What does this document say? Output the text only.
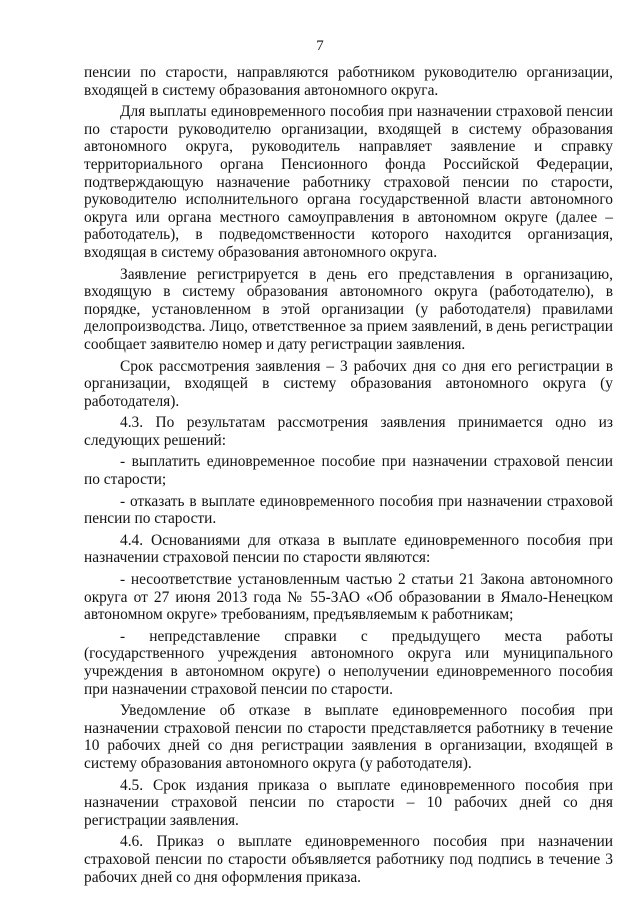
7

пенсии по старости, направляются работником руководителю организации, входящей в систему образования автономного округа.

Для выплаты единовременного пособия при назначении страховой пенсии по старости руководителю организации, входящей в систему образования автономного округа, руководитель направляет заявление и справку территориального органа Пенсионного фонда Российской Федерации, подтверждающую назначение работнику страховой пенсии по старости, руководителю исполнительного органа государственной власти автономного округа или органа местного самоуправления в автономном округе (далее – работодатель), в подведомственности которого находится организация, входящая в систему образования автономного округа.

Заявление регистрируется в день его представления в организацию, входящую в систему образования автономного округа (работодателю), в порядке, установленном в этой организации (у работодателя) правилами делопроизводства. Лицо, ответственное за прием заявлений, в день регистрации сообщает заявителю номер и дату регистрации заявления.

Срок рассмотрения заявления – 3 рабочих дня со дня его регистрации в организации, входящей в систему образования автономного округа (у работодателя).

4.3. По результатам рассмотрения заявления принимается одно из следующих решений:

- выплатить единовременное пособие при назначении страховой пенсии по старости;

- отказать в выплате единовременного пособия при назначении страховой пенсии по старости.

4.4. Основаниями для отказа в выплате единовременного пособия при назначении страховой пенсии по старости являются:

- несоответствие установленным частью 2 статьи 21 Закона автономного округа от 27 июня 2013 года № 55-ЗАО «Об образовании в Ямало-Ненецком автономном округе» требованиям, предъявляемым к работникам;

- непредставление справки с предыдущего места работы (государственного учреждения автономного округа или муниципального учреждения в автономном округе) о неполучении единовременного пособия при назначении страховой пенсии по старости.

Уведомление об отказе в выплате единовременного пособия при назначении страховой пенсии по старости представляется работнику в течение 10 рабочих дней со дня регистрации заявления в организации, входящей в систему образования автономного округа (у работодателя).

4.5. Срок издания приказа о выплате единовременного пособия при назначении страховой пенсии по старости – 10 рабочих дней со дня регистрации заявления.

4.6. Приказ о выплате единовременного пособия при назначении страховой пенсии по старости объявляется работнику под подпись в течение 3 рабочих дней со дня оформления приказа.
